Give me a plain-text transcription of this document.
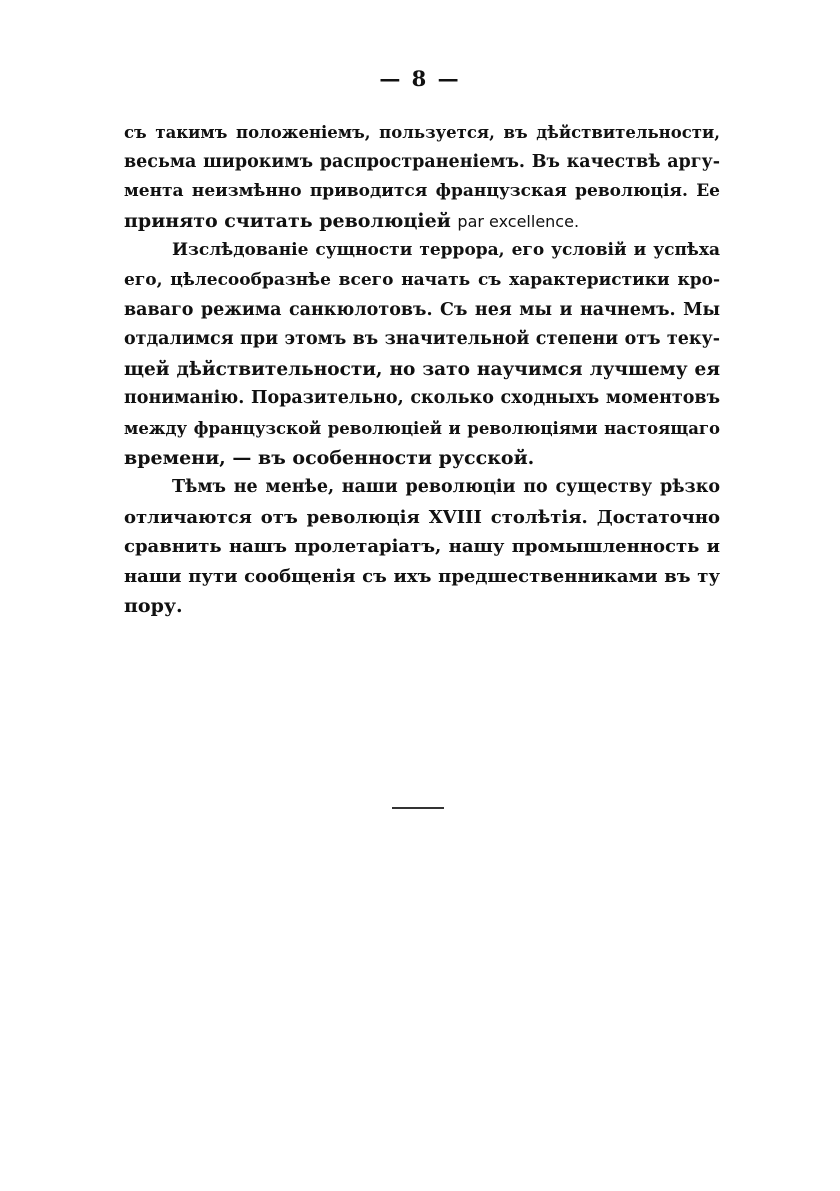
— 8 —
съ такимъ положеніемъ, пользуется, въ дѣйствительности,
весьма широкимъ распространеніемъ. Въ качествѣ аргу-
мента неизмѣнно приводится французская революція. Ее
принято считать революціей par excellence.
Изслѣдованіе сущности террора, его условій и успѣха
его, цѣлесообразнѣе всего начать съ характеристики кро-
ваваго режима санкюлотовъ. Съ нея мы и начнемъ. Мы
отдалимся при этомъ въ значительной степени отъ теку-
щей дѣйствительности, но зато научимся лучшему ея
пониманію. Поразительно, сколько сходныхъ моментовъ
между французской революціей и революціями настоящаго
времени, — въ особенности русской.
Тѣмъ не менѣе, наши революціи по существу рѣзко
отличаются отъ революція XVIII столѣтія. Достаточно
сравнить нашъ пролетаріатъ, нашу промышленность и
наши пути сообщенія съ ихъ предшественниками въ ту
пору.
